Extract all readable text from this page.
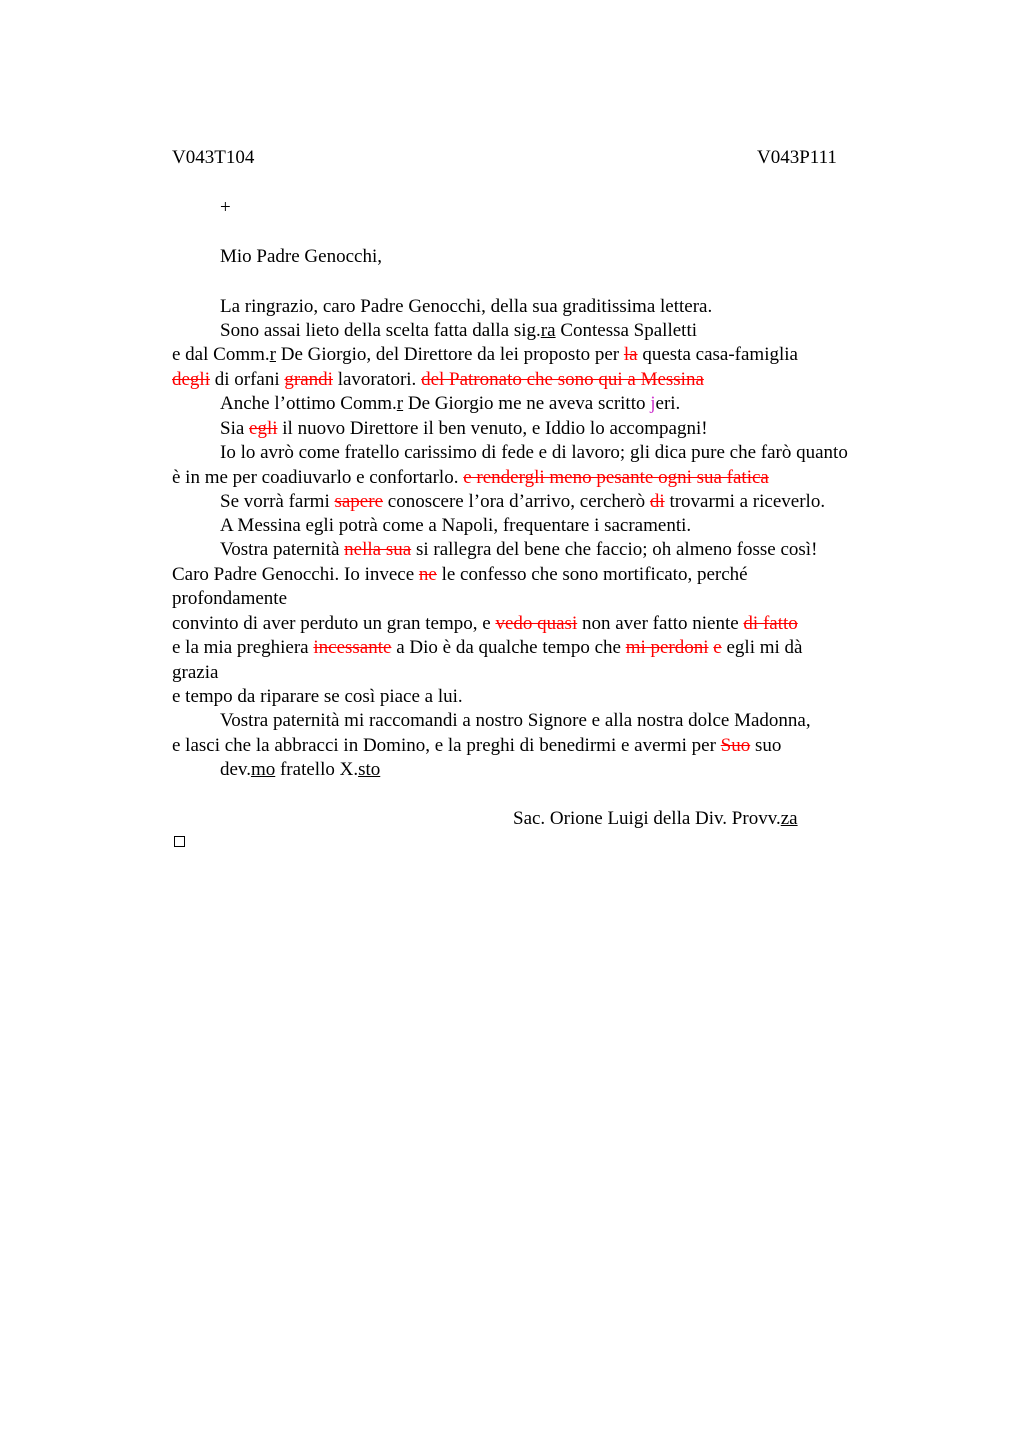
V043T104	V043P111
+
Mio Padre Genocchi,
La ringrazio, caro Padre Genocchi, della sua graditissima lettera.
Sono assai lieto della scelta fatta dalla sig.ra Contessa Spalletti
e dal Comm.r De Giorgio, del Direttore da lei proposto per la questa casa-famiglia
degli di orfani grandi lavoratori. del Patronato che sono qui a Messina
Anche l’ottimo Comm.r De Giorgio me ne aveva scritto jeri.
Sia egli il nuovo Direttore il ben venuto, e Iddio lo accompagni!
Io lo avrò come fratello carissimo di fede e di lavoro; gli dica pure che farò quanto
è in me per coadiuvarlo e confortarlo. e rendergli meno pesante ogni sua fatica
Se vorrà farmi sapere conoscere l’ora d’arrivo, cercherò di trovarmi a riceverlo.
A Messina egli potrà come a Napoli, frequentare i sacramenti.
Vostra paternità nella sua si rallegra del bene che faccio; oh almeno fosse così!
Caro Padre Genocchi. Io invece ne le confesso che sono mortificato, perché
profondamente
convinto di aver perduto un gran tempo, e vedo quasi non aver fatto niente di fatto
e la mia preghiera incessante a Dio è da qualche tempo che mi perdoni e egli mi dà
grazia
e tempo da riparare se così piace a lui.
Vostra paternità mi raccomandi a nostro Signore e alla nostra dolce Madonna,
e lasci che la abbracci in Domino, e la preghi di benedirmi e avermi per Suo suo
dev.mo fratello X.sto
Sac. Orione Luigi della Div. Provv.za
